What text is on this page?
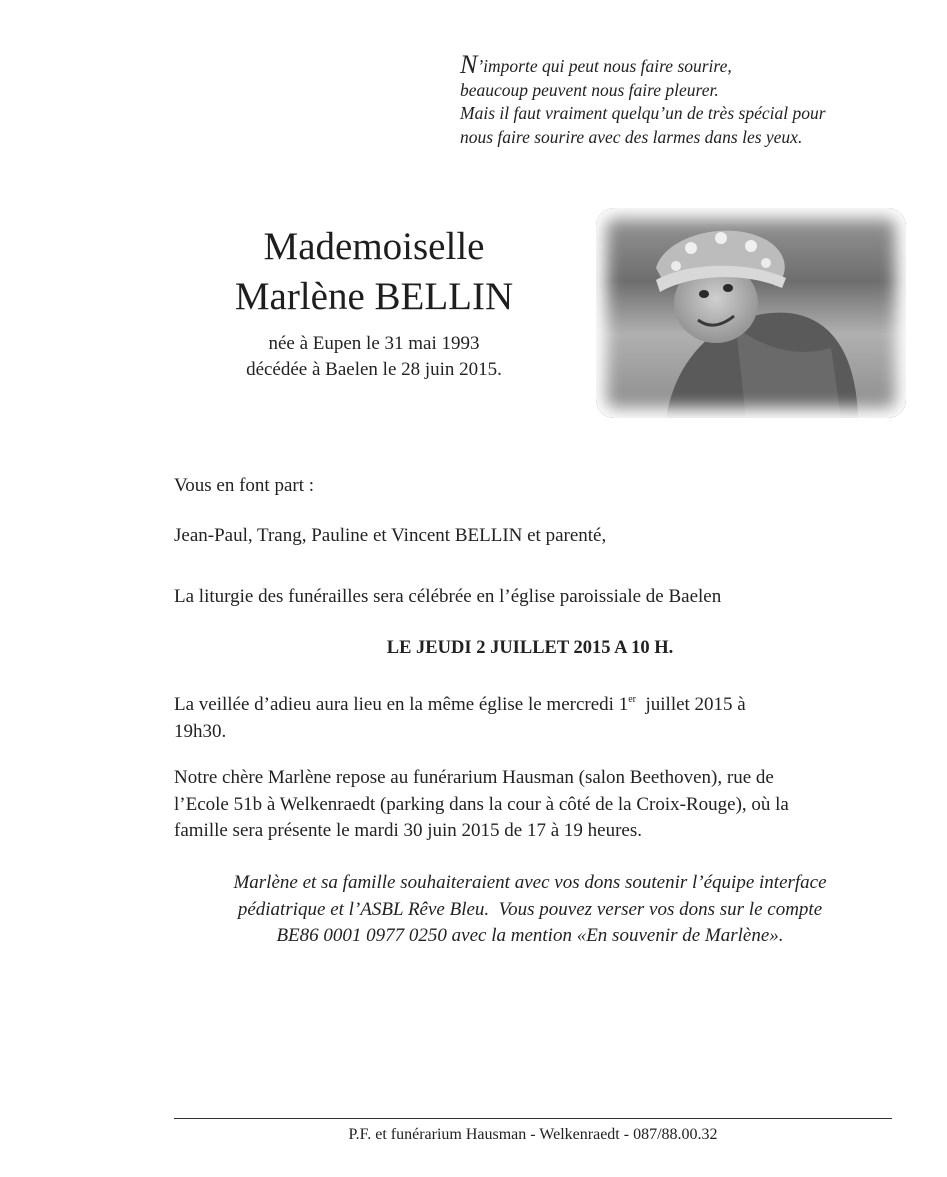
N’importe qui peut nous faire sourire,
beaucoup peuvent nous faire pleurer.
Mais il faut vraiment quelqu’un de très spécial pour
nous faire sourire avec des larmes dans les yeux.
Mademoiselle
Marlène BELLIN
née à Eupen le 31 mai 1993
décédée à Baelen le 28 juin 2015.
Vous en font part :
Jean-Paul, Trang, Pauline et Vincent BELLIN et parenté,
La liturgie des funérailles sera célébrée en l’église paroissiale de Baelen
LE JEUDI 2 JUILLET 2015 A 10 H.
La veillée d’adieu aura lieu en la même église le mercredi 1er  juillet 2015 à
19h30.
Notre chère Marlène repose au funérarium Hausman (salon Beethoven), rue de
l’Ecole 51b à Welkenraedt (parking dans la cour à côté de la Croix-Rouge), où la
famille sera présente le mardi 30 juin 2015 de 17 à 19 heures.
Marlène et sa famille souhaiteraient avec vos dons soutenir l’équipe interface
pédiatrique et l’ASBL Rêve Bleu.  Vous pouvez verser vos dons sur le compte
BE86 0001 0977 0250 avec la mention «En souvenir de Marlène».
P.F. et funérarium Hausman - Welkenraedt - 087/88.00.32
